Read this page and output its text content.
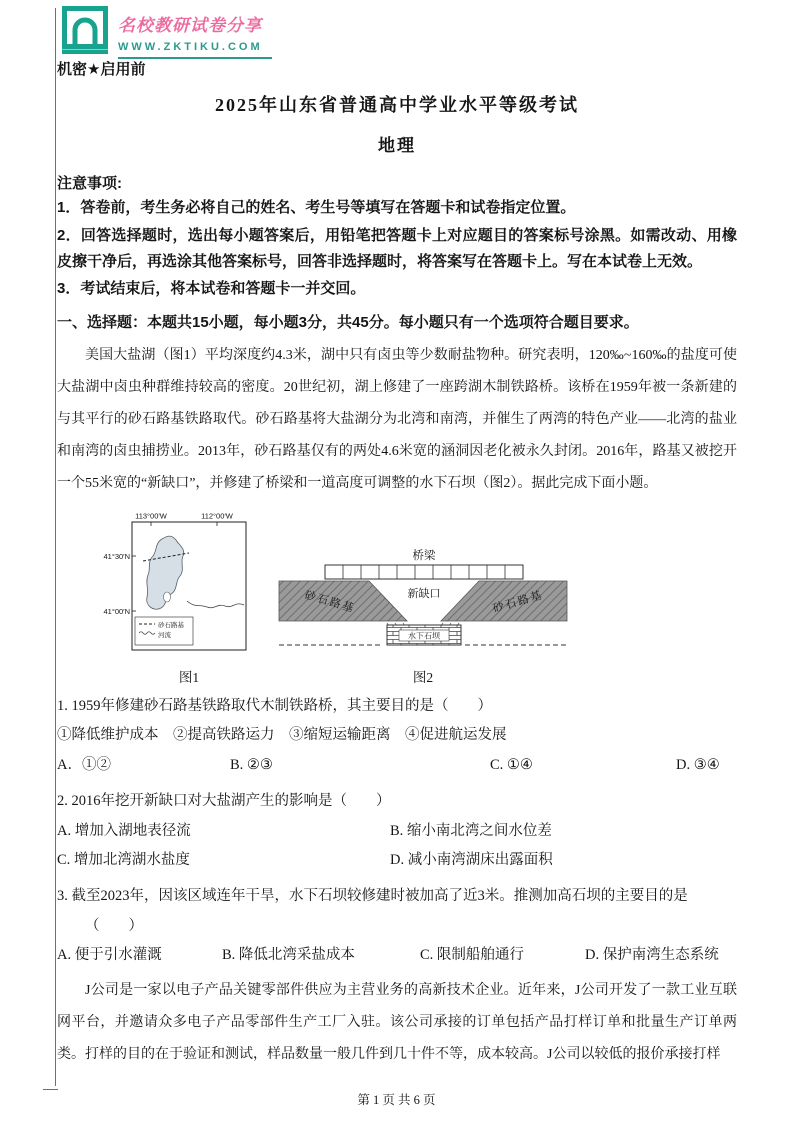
名校教研试卷分享
WWW.ZKTIKU.COM
机密★启用前
2025年山东省普通高中学业水平等级考试
地理
注意事项:

1．答卷前，考生务必将自己的姓名、考生号等填写在答题卡和试卷指定位置。

2．回答选择题时，选出每小题答案后，用铅笔把答题卡上对应题目的答案标号涂黑。如需改动、用橡皮擦干净后，再选涂其他答案标号，回答非选择题时，将答案写在答题卡上。写在本试卷上无效。

3．考试结束后，将本试卷和答题卡一并交回。

一、选择题：本题共15小题，每小题3分，共45分。每小题只有一个选项符合题目要求。

美国大盐湖（图1）平均深度约4.3米，湖中只有卤虫等少数耐盐物种。研究表明，120‰~160‰的盐度可使大盐湖中卤虫种群维持较高的密度。20世纪初，湖上修建了一座跨湖木制铁路桥。该桥在1959年被一条新建的与其平行的砂石路基铁路取代。砂石路基将大盐湖分为北湾和南湾，并催生了两湾的特色产业——北湾的盐业和南湾的卤虫捕捞业。2013年，砂石路基仅有的两处4.6米宽的涵洞因老化被永久封闭。2016年，路基又被挖开一个55米宽的“新缺口”，并修建了桥梁和一道高度可调整的水下石坝（图2）。据此完成下面小题。

113°00′W	112°00′W
41°30′N
41°00′N
砂石路基
河流
图1
桥梁
砂石路基	砂石路基
新缺口
水下石坝
图2

1. 1959年修建砂石路基铁路取代木制铁路桥，其主要目的是（　　）

①降低维护成本　②提高铁路运力　③缩短运输距离　④促进航运发展

A．①②	B. ②③	C. ①④	D. ③④

2. 2016年挖开新缺口对大盐湖产生的影响是（　　）

A. 增加入湖地表径流	B. 缩小南北湾之间水位差
C. 增加北湾湖水盐度	D. 减小南湾湖床出露面积

3. 截至2023年，因该区域连年干旱，水下石坝较修建时被加高了近3米。推测加高石坝的主要目的是

（　　）

A. 便于引水灌溉	B. 降低北湾采盐成本	C. 限制船舶通行	D. 保护南湾生态系统

J公司是一家以电子产品关键零部件供应为主营业务的高新技术企业。近年来，J公司开发了一款工业互联网平台，并邀请众多电子产品零部件生产工厂入驻。该公司承接的订单包括产品打样订单和批量生产订单两类。打样的目的在于验证和测试，样品数量一般几件到几十件不等，成本较高。J公司以较低的报价承接打样

第 1 页 共 6 页
